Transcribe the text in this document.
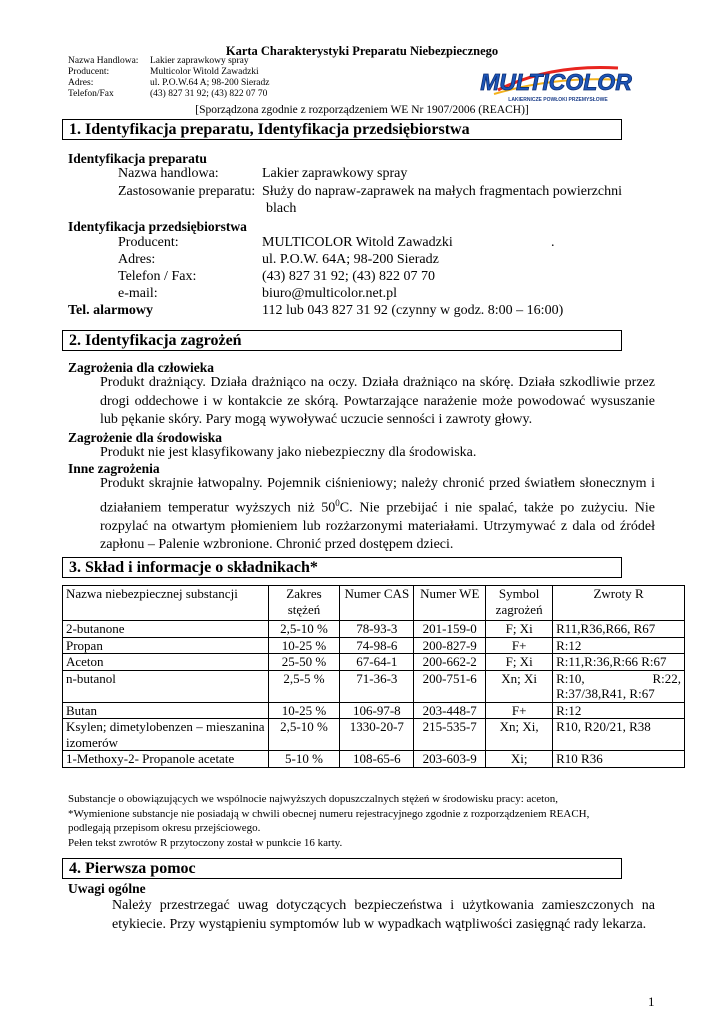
Karta Charakterystyki Preparatu Niebezpiecznego
Nazwa Handlowa:	Lakier zaprawkowy spray
Producent:	Multicolor Witold Zawadzki
Adres:	ul. P.O.W.64 A; 98-200 Sieradz
Telefon/Fax	(43) 827 31 92; (43) 822 07 70	MULTICOLOR
LAKIERNICZE POWŁOKI PRZEMYSŁOWE
[Sporządzona zgodnie z rozporządzeniem WE Nr 1907/2006 (REACH)]
1. Identyfikacja preparatu, Identyfikacja przedsiębiorstwa
Identyfikacja preparatu
Nazwa handlowa:	Lakier zaprawkowy spray
Zastosowanie preparatu: Służy do napraw-zaprawek na małych fragmentach powierzchni
blach
Identyfikacja przedsiębiorstwa
Producent:	MULTICOLOR Witold Zawadzki	.
Adres:	ul. P.O.W. 64A; 98-200 Sieradz
Telefon / Fax:	(43) 827 31 92; (43) 822 07 70
e-mail:	biuro@multicolor.net.pl
Tel. alarmowy	112 lub 043 827 31 92 (czynny w godz. 8:00 – 16:00)
2. Identyfikacja zagrożeń
Zagrożenia dla człowieka
Produkt drażniący. Działa drażniąco na oczy. Działa drażniąco na skórę. Działa szkodliwie przez drogi oddechowe i w kontakcie ze skórą. Powtarzające narażenie może powodować wysuszanie lub pękanie skóry. Pary mogą wywoływać uczucie senności i zawroty głowy.
Zagrożenie dla środowiska
Produkt nie jest klasyfikowany jako niebezpieczny dla środowiska.
Inne zagrożenia
Produkt skrajnie łatwopalny. Pojemnik ciśnieniowy; należy chronić przed światłem słonecznym i działaniem temperatur wyższych niż $50^0C$. Nie przebijać i nie spalać, także po zużyciu. Nie rozpylać na otwartym płomieniem lub rozżarzonymi materiałami. Utrzymywać z dala od źródeł zapłonu – Palenie wzbronione. Chronić przed dostępem dzieci.
3. Skład i informacje o składnikach*
Nazwa niebezpiecznej substancji	Zakres stężeń	Numer CAS	Numer WE	Symbol zagrożeń	Zwroty R
2-butanone	2,5-10 %	78-93-3	201-159-0	F; Xi	R11,R36,R66, R67
Propan	10-25 %	74-98-6	200-827-9	F+	R:12
Aceton	25-50 %	67-64-1	200-662-2	F; Xi	R:11,R:36,R:66 R:67
n-butanol	2,5-5 %	71-36-3	200-751-6	Xn; Xi	R:10, R:22, R:37/38,R41, R:67
Butan	10-25 %	106-97-8	203-448-7	F+	R:12
Ksylen; dimetylobenzen – mieszanina izomerów	2,5-10 %	1330-20-7	215-535-7	Xn; Xi,	R10, R20/21, R38
1-Methoxy-2- Propanole acetate	5-10 %	108-65-6	203-603-9	Xi;	R10 R36
Substancje o obowiązujących we wspólnocie najwyższych dopuszczalnych stężeń w środowisku pracy: aceton,
*Wymienione substancje nie posiadają w chwili obecnej numeru rejestracyjnego zgodnie z rozporządzeniem REACH,
podlegają przepisom okresu przejściowego.
Pełen tekst zwrotów R przytoczony został w punkcie 16 karty.
4. Pierwsza pomoc
Uwagi ogólne
Należy przestrzegać uwag dotyczących bezpieczeństwa i użytkowania zamieszczonych na etykiecie. Przy wystąpieniu symptomów lub w wypadkach wątpliwości zasięgnąć rady lekarza.
1
